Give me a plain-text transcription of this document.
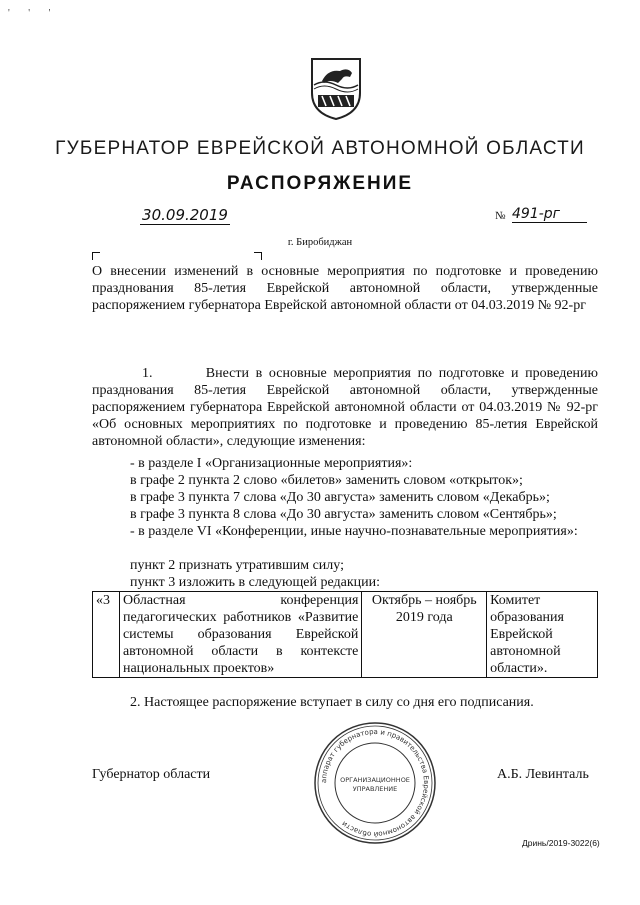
' ' '
ГУБЕРНАТОР ЕВРЕЙСКОЙ АВТОНОМНОЙ ОБЛАСТИ
РАСПОРЯЖЕНИЕ
30.09.2019	№ 491-рг
г. Биробиджан
О внесении изменений в основные мероприятия по подготовке и проведению празднования 85-летия Еврейской автономной области, утвержденные распоряжением губернатора Еврейской автономной области от 04.03.2019 № 92-рг
1.	Внести в основные мероприятия по подготовке и проведению празднования 85-летия Еврейской автономной области, утвержденные распоряжением губернатора Еврейской автономной области от 04.03.2019 № 92-рг «Об основных мероприятиях по подготовке и проведению 85-летия Еврейской автономной области», следующие изменения:
- в разделе I «Организационные мероприятия»:
в графе 2 пункта 2 слово «билетов» заменить словом «открыток»;
в графе 3 пункта 7 слова «До 30 августа» заменить словом «Декабрь»;
в графе 3 пункта 8 слова «До 30 августа» заменить словом «Сентябрь»;
- в разделе VI «Конференции, иные научно-познавательные мероприятия»:
пункт 2 признать утратившим силу;
пункт 3 изложить в следующей редакции:
«3	Областная конференция педагогических работников «Развитие системы образования Еврейской автономной области в контексте национальных проектов»	Октябрь – ноябрь 2019 года	Комитет образования Еврейской автономной области».
2. Настоящее распоряжение вступает в силу со дня его подписания.
Губернатор области	А.Б. Левинталь
аппарат губернатора и правительства Еврейской автономной области
ОРГАНИЗАЦИОННОЕ
УПРАВЛЕНИЕ
Дринь/2019-3022(6)
